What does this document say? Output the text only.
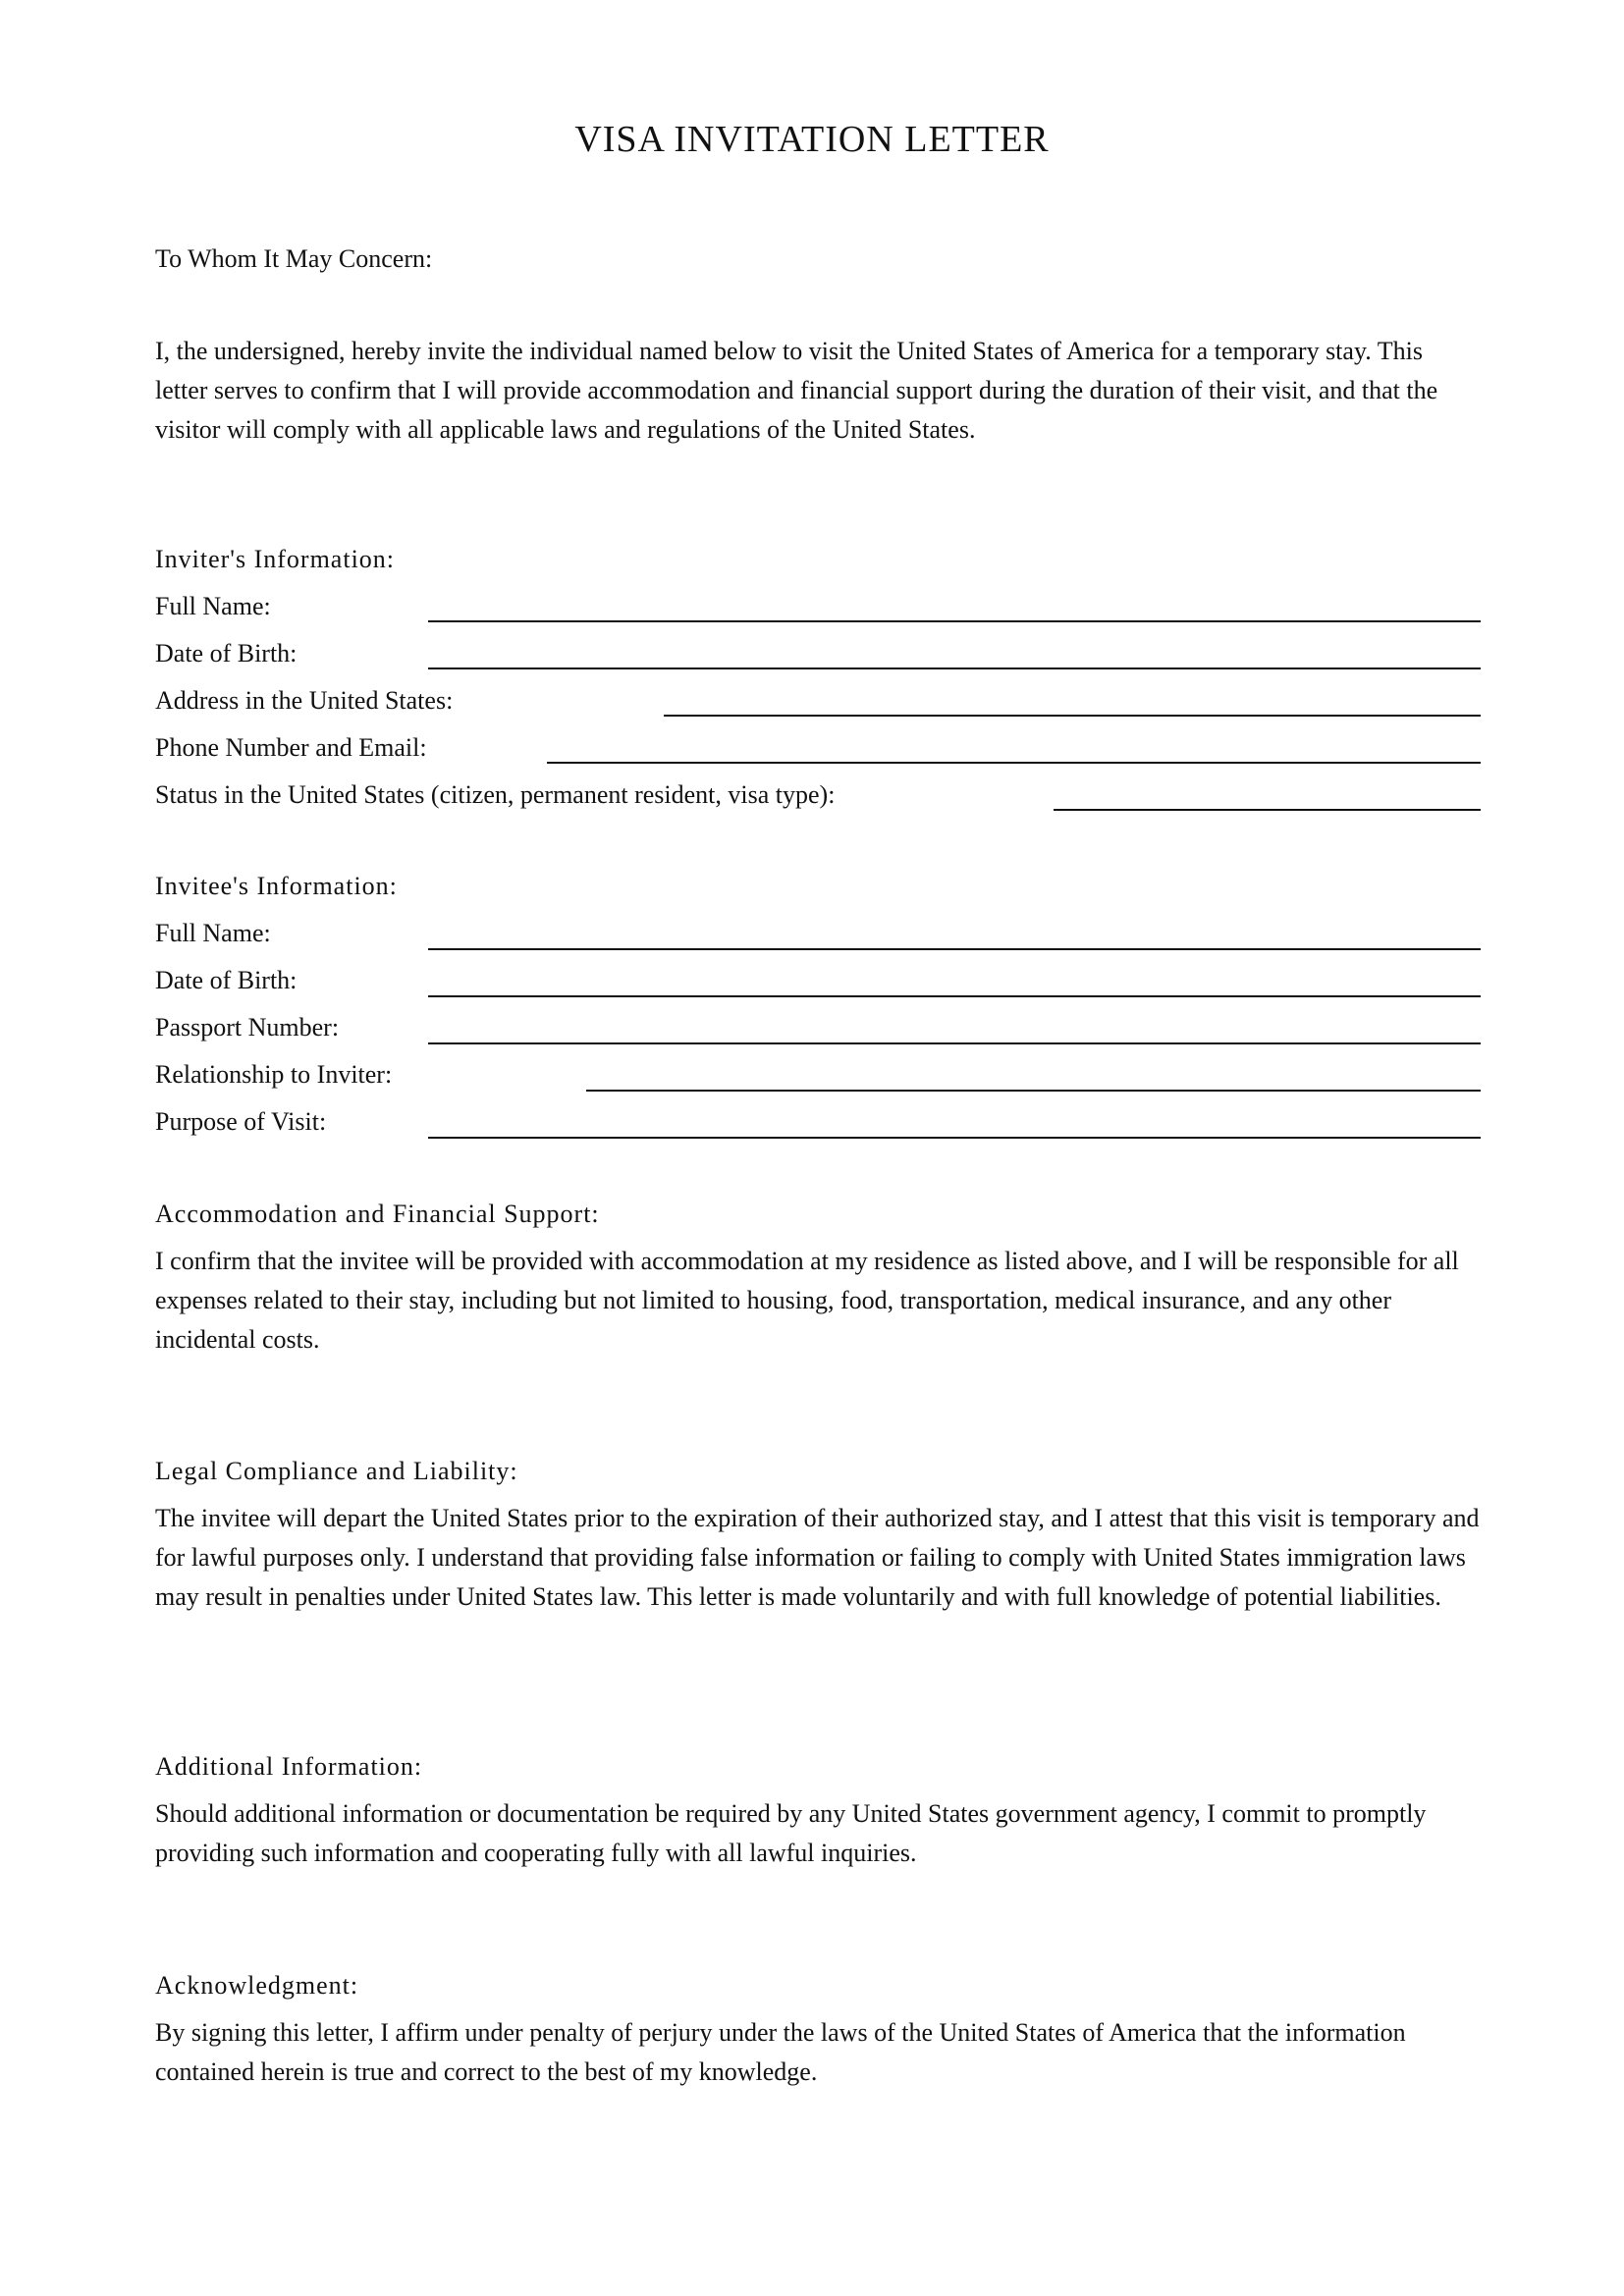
VISA INVITATION LETTER

To Whom It May Concern:

I, the undersigned, hereby invite the individual named below to visit the United States of America for a temporary stay. This letter serves to confirm that I will provide accommodation and financial support during the duration of their visit, and that the visitor will comply with all applicable laws and regulations of the United States.

Inviter's Information:

Full Name:

Date of Birth:

Address in the United States:

Phone Number and Email:

Status in the United States (citizen, permanent resident, visa type):

Invitee's Information:

Full Name:

Date of Birth:

Passport Number:

Relationship to Inviter:

Purpose of Visit:

Accommodation and Financial Support:

I confirm that the invitee will be provided with accommodation at my residence as listed above, and I will be responsible for all expenses related to their stay, including but not limited to housing, food, transportation, medical insurance, and any other incidental costs.

Legal Compliance and Liability:

The invitee will depart the United States prior to the expiration of their authorized stay, and I attest that this visit is temporary and for lawful purposes only. I understand that providing false information or failing to comply with United States immigration laws may result in penalties under United States law. This letter is made voluntarily and with full knowledge of potential liabilities.

Additional Information:

Should additional information or documentation be required by any United States government agency, I commit to promptly providing such information and cooperating fully with all lawful inquiries.

Acknowledgment:

By signing this letter, I affirm under penalty of perjury under the laws of the United States of America that the information contained herein is true and correct to the best of my knowledge.
